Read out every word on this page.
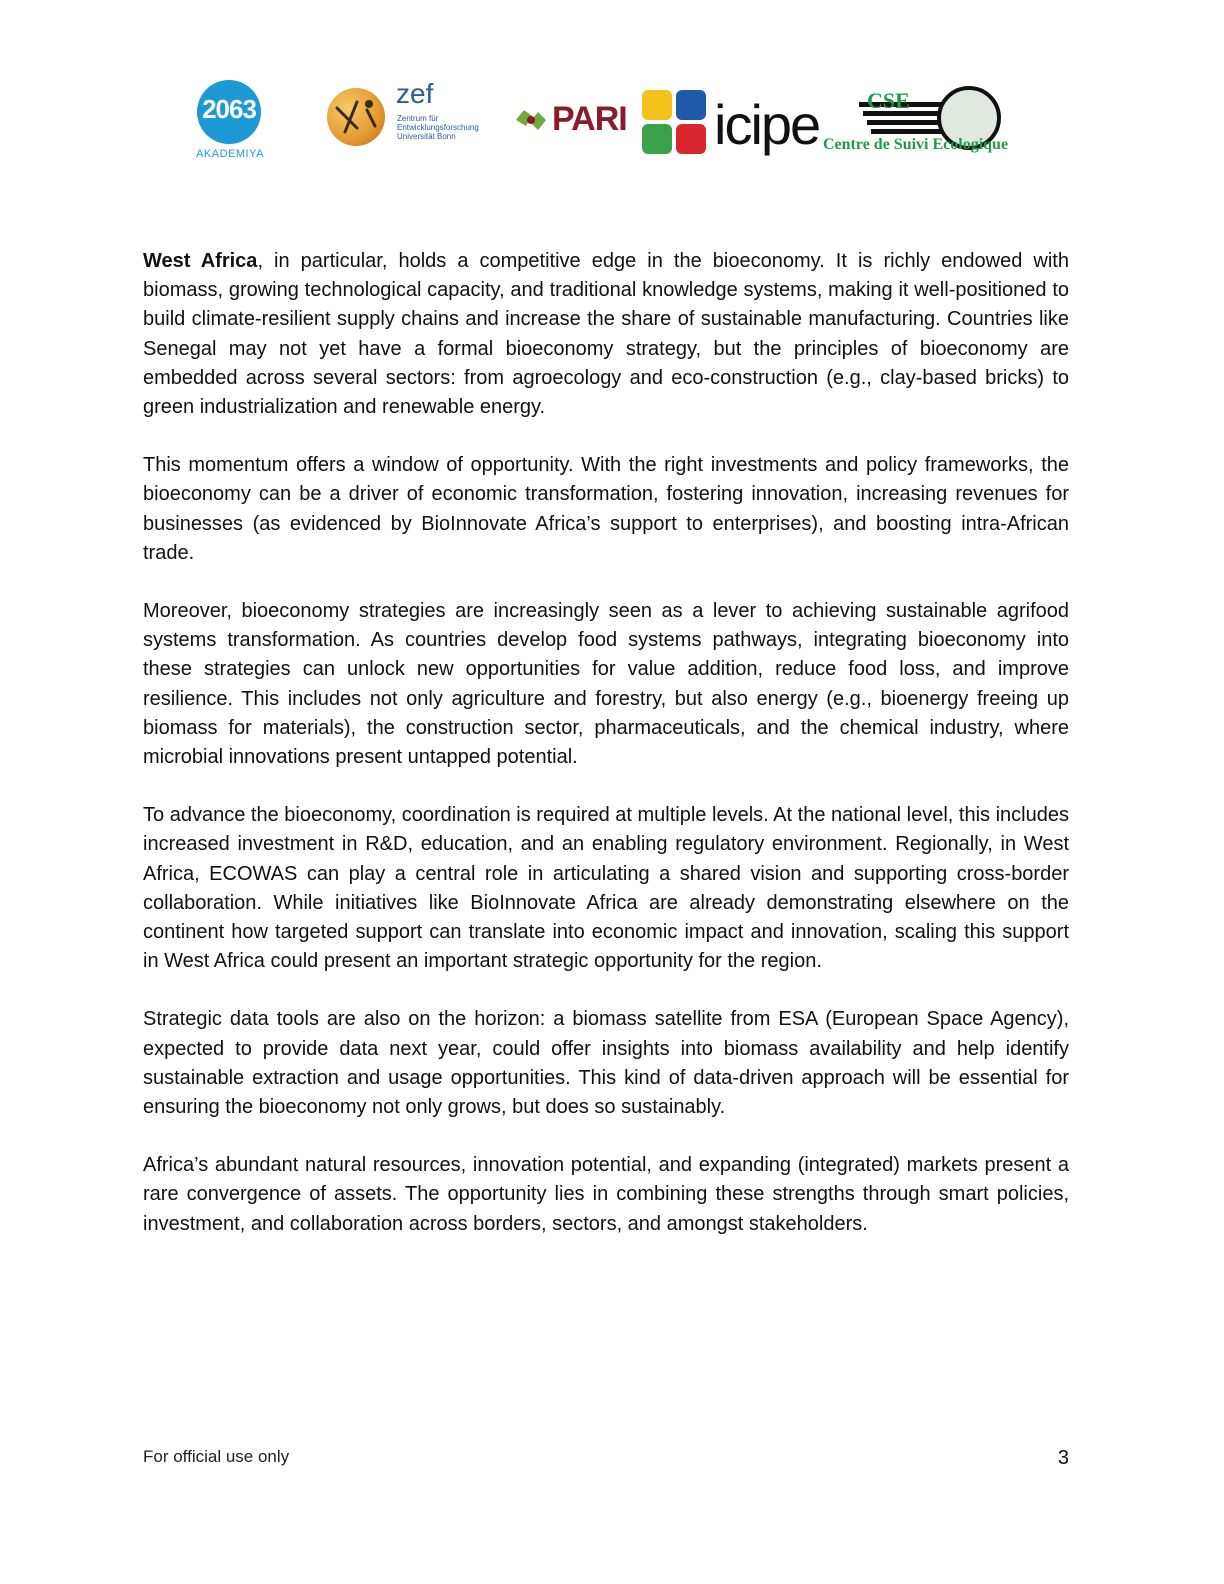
2063
AKADEMIYA
zef
Zentrum für
Entwicklungsforschung
Universität Bonn	PARI icipe CSE
Centre de Suivi Ecologique

West Africa, in particular, holds a competitive edge in the bioeconomy. It is richly endowed with biomass, growing technological capacity, and traditional knowledge systems, making it well-positioned to build climate-resilient supply chains and increase the share of sustainable manufacturing. Countries like Senegal may not yet have a formal bioeconomy strategy, but the principles of bioeconomy are embedded across several sectors: from agroecology and eco-construction (e.g., clay-based bricks) to green industrialization and renewable energy.

This momentum offers a window of opportunity. With the right investments and policy frameworks, the bioeconomy can be a driver of economic transformation, fostering innovation, increasing revenues for businesses (as evidenced by BioInnovate Africa’s support to enterprises), and boosting intra-African trade.

Moreover, bioeconomy strategies are increasingly seen as a lever to achieving sustainable agrifood systems transformation. As countries develop food systems pathways, integrating bioeconomy into these strategies can unlock new opportunities for value addition, reduce food loss, and improve resilience. This includes not only agriculture and forestry, but also energy (e.g., bioenergy freeing up biomass for materials), the construction sector, pharmaceuticals, and the chemical industry, where microbial innovations present untapped potential.

To advance the bioeconomy, coordination is required at multiple levels. At the national level, this includes increased investment in R&D, education, and an enabling regulatory environment. Regionally, in West Africa, ECOWAS can play a central role in articulating a shared vision and supporting cross-border collaboration. While initiatives like BioInnovate Africa are already demonstrating elsewhere on the continent how targeted support can translate into economic impact and innovation, scaling this support in West Africa could present an important strategic opportunity for the region.

Strategic data tools are also on the horizon: a biomass satellite from ESA (European Space Agency), expected to provide data next year, could offer insights into biomass availability and help identify sustainable extraction and usage opportunities. This kind of data-driven approach will be essential for ensuring the bioeconomy not only grows, but does so sustainably.

Africa’s abundant natural resources, innovation potential, and expanding (integrated) markets present a rare convergence of assets. The opportunity lies in combining these strengths through smart policies, investment, and collaboration across borders, sectors, and amongst stakeholders.

For official use only	3
